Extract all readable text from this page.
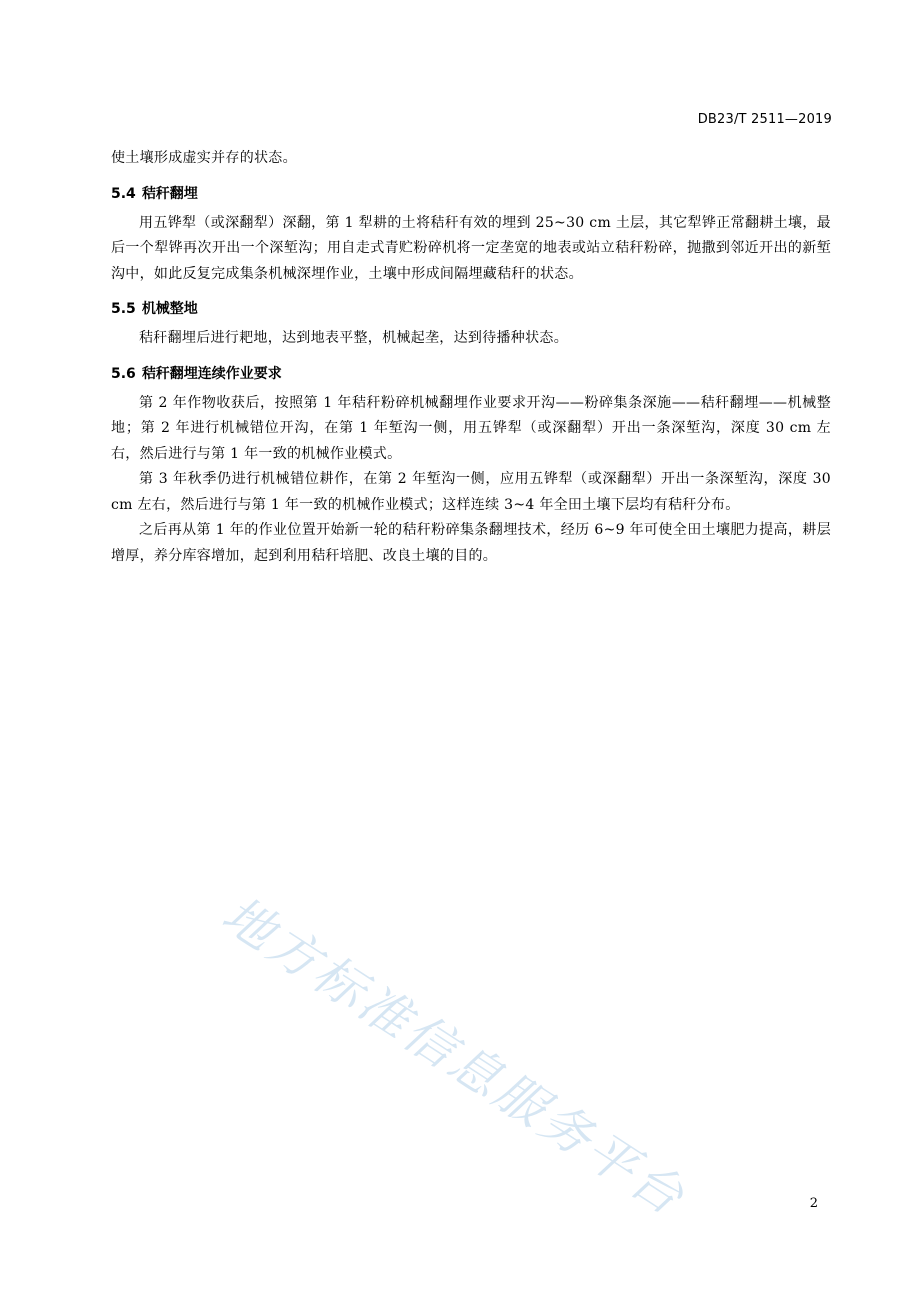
DB23/T 2511—2019

使土壤形成虚实并存的状态。

5.4 秸秆翻埋

用五铧犁（或深翻犁）深翻，第 1 犁耕的土将秸秆有效的埋到 25~30 cm 土层，其它犁铧正常翻耕土壤，最后一个犁铧再次开出一个深堑沟；用自走式青贮粉碎机将一定垄宽的地表或站立秸秆粉碎，抛撒到邻近开出的新堑沟中，如此反复完成集条机械深埋作业，土壤中形成间隔埋藏秸秆的状态。

5.5 机械整地

秸秆翻埋后进行耙地，达到地表平整，机械起垄，达到待播种状态。

5.6 秸秆翻埋连续作业要求

第 2 年作物收获后，按照第 1 年秸秆粉碎机械翻埋作业要求开沟——粉碎集条深施——秸秆翻埋——机械整地；第 2 年进行机械错位开沟，在第 1 年堑沟一侧，用五铧犁（或深翻犁）开出一条深堑沟，深度 30 cm 左右，然后进行与第 1 年一致的机械作业模式。

第 3 年秋季仍进行机械错位耕作，在第 2 年堑沟一侧，应用五铧犁（或深翻犁）开出一条深堑沟，深度 30 cm 左右，然后进行与第 1 年一致的机械作业模式；这样连续 3~4 年全田土壤下层均有秸秆分布。

之后再从第 1 年的作业位置开始新一轮的秸秆粉碎集条翻埋技术，经历 6~9 年可使全田土壤肥力提高，耕层增厚，养分库容增加，起到利用秸秆培肥、改良土壤的目的。

地方标准信息服务平台	2
